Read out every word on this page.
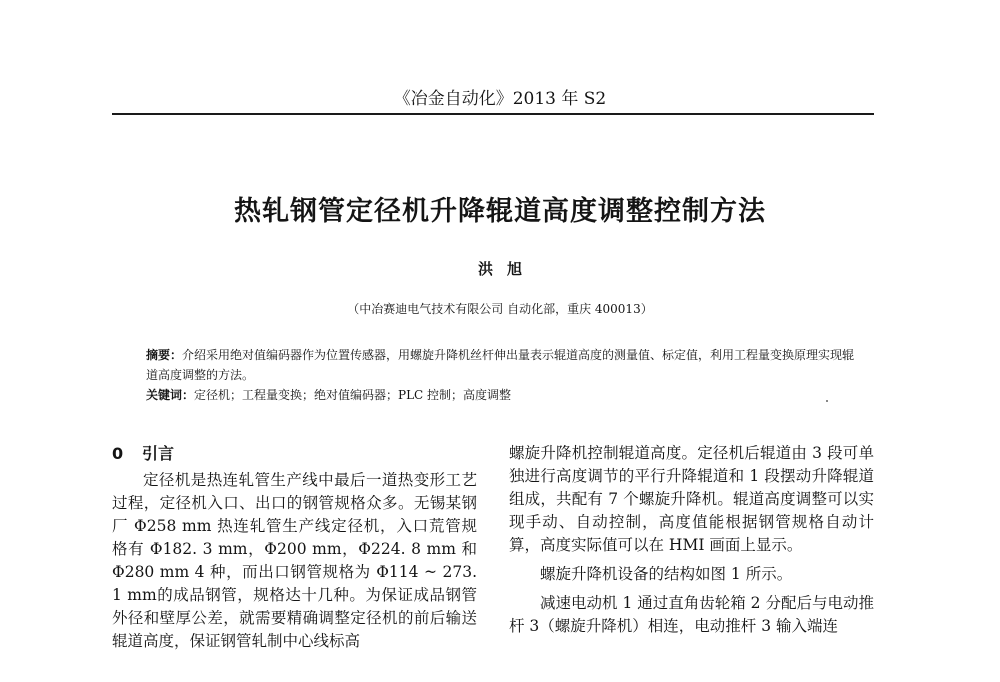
《冶金自动化》2013 年 S2
热轧钢管定径机升降辊道高度调整控制方法
洪旭
（中冶赛迪电气技术有限公司 自动化部，重庆 400013）
摘要：介绍采用绝对值编码器作为位置传感器，用螺旋升降机丝杆伸出量表示辊道高度的测量值、标定值，利用工程量变换原理实现辊道高度调整的方法。
关键词：定径机；工程量变换；绝对值编码器；PLC 控制；高度调整
0 引言

定径机是热连轧管生产线中最后一道热变形工艺过程，定径机入口、出口的钢管规格众多。无锡某钢厂 Φ258 mm 热连轧管生产线定径机，入口荒管规格有 Φ182. 3 mm，Φ200 mm，Φ224. 8 mm 和 Φ280 mm 4 种，而出口钢管规格为 Φ114 ~ 273. 1 mm的成品钢管，规格达十几种。为保证成品钢管外径和壁厚公差，就需要精确调整定径机的前后输送辊道高度，保证钢管轧制中心线标高

螺旋升降机控制辊道高度。定径机后辊道由 3 段可单独进行高度调节的平行升降辊道和 1 段摆动升降辊道组成，共配有 7 个螺旋升降机。辊道高度调整可以实现手动、自动控制，高度值能根据钢管规格自动计算，高度实际值可以在 HMI 画面上显示。

螺旋升降机设备的结构如图 1 所示。

减速电动机 1 通过直角齿轮箱 2 分配后与电动推杆 3（螺旋升降机）相连，电动推杆 3 输入端连
